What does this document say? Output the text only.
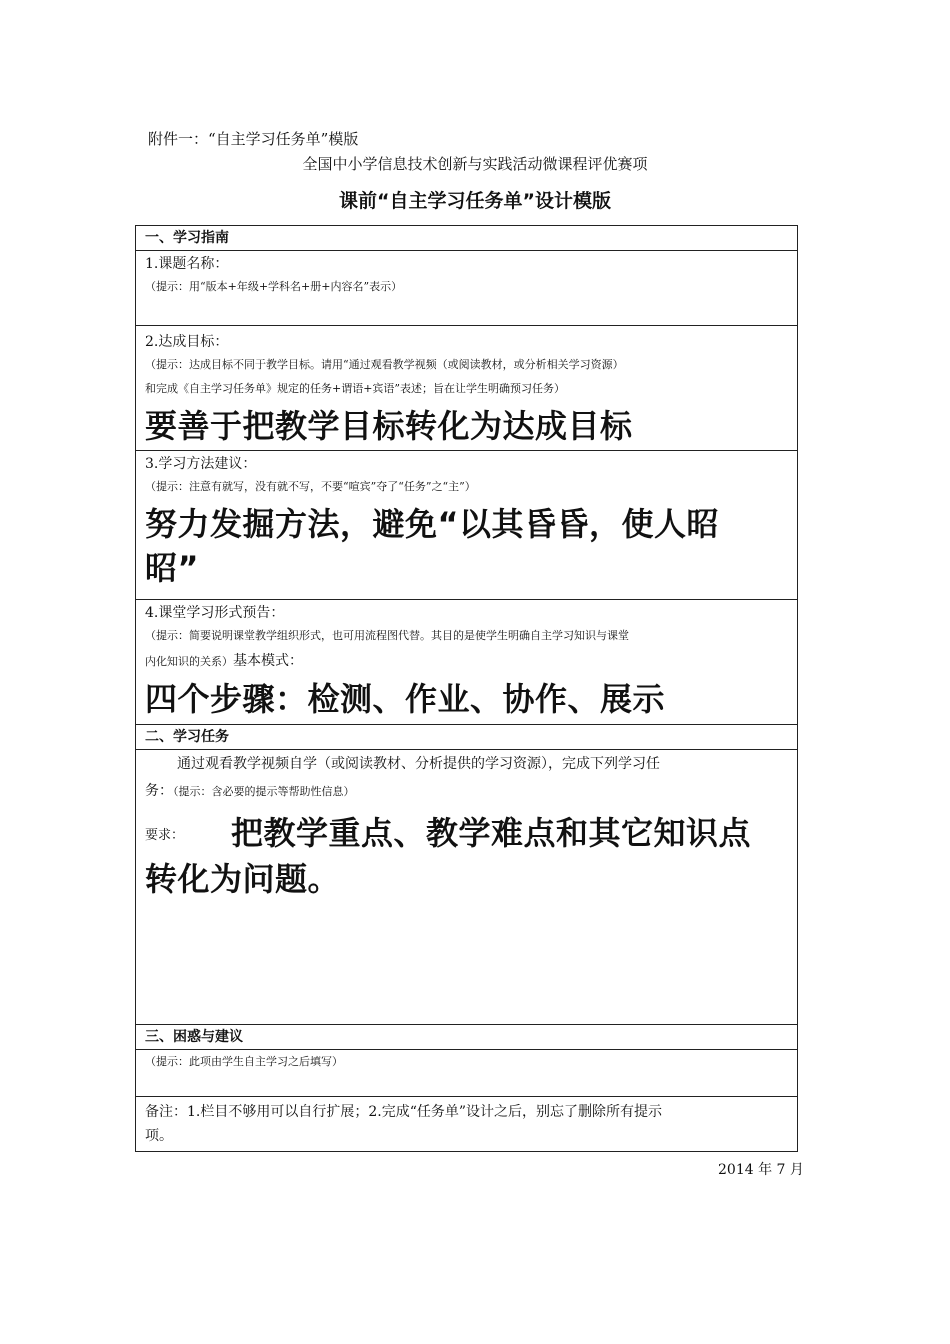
附件一：“自主学习任务单”模版
全国中小学信息技术创新与实践活动微课程评优赛项
课前“自主学习任务单”设计模版
一、学习指南

1.课题名称：
（提示：用“版本+年级+学科名+册+内容名”表示）

2.达成目标：
（提示：达成目标不同于教学目标。请用“通过观看教学视频（或阅读教材，或分析相关学习资源）
和完成《自主学习任务单》规定的任务+谓语+宾语”表述；旨在让学生明确预习任务）
要善于把教学目标转化为达成目标

3.学习方法建议：
（提示：注意有就写，没有就不写，不要“喧宾”夺了“任务”之“主”）
努力发掘方法，避免“以其昏昏，使人昭
昭”

4.课堂学习形式预告：
（提示：简要说明课堂教学组织形式，也可用流程图代替。其目的是使学生明确自主学习知识与课堂
内化知识的关系）基本模式：
四个步骤：检测、作业、协作、展示

二、学习任务

通过观看教学视频自学（或阅读教材、分析提供的学习资源），完成下列学习任
务：（提示：含必要的提示等帮助性信息）
要求： 把教学重点、教学难点和其它知识点
转化为问题。

三、困惑与建议

（提示：此项由学生自主学习之后填写）

备注：1.栏目不够用可以自行扩展；2.完成“任务单”设计之后，别忘了删除所有提示
项。
2014 年 7 月
